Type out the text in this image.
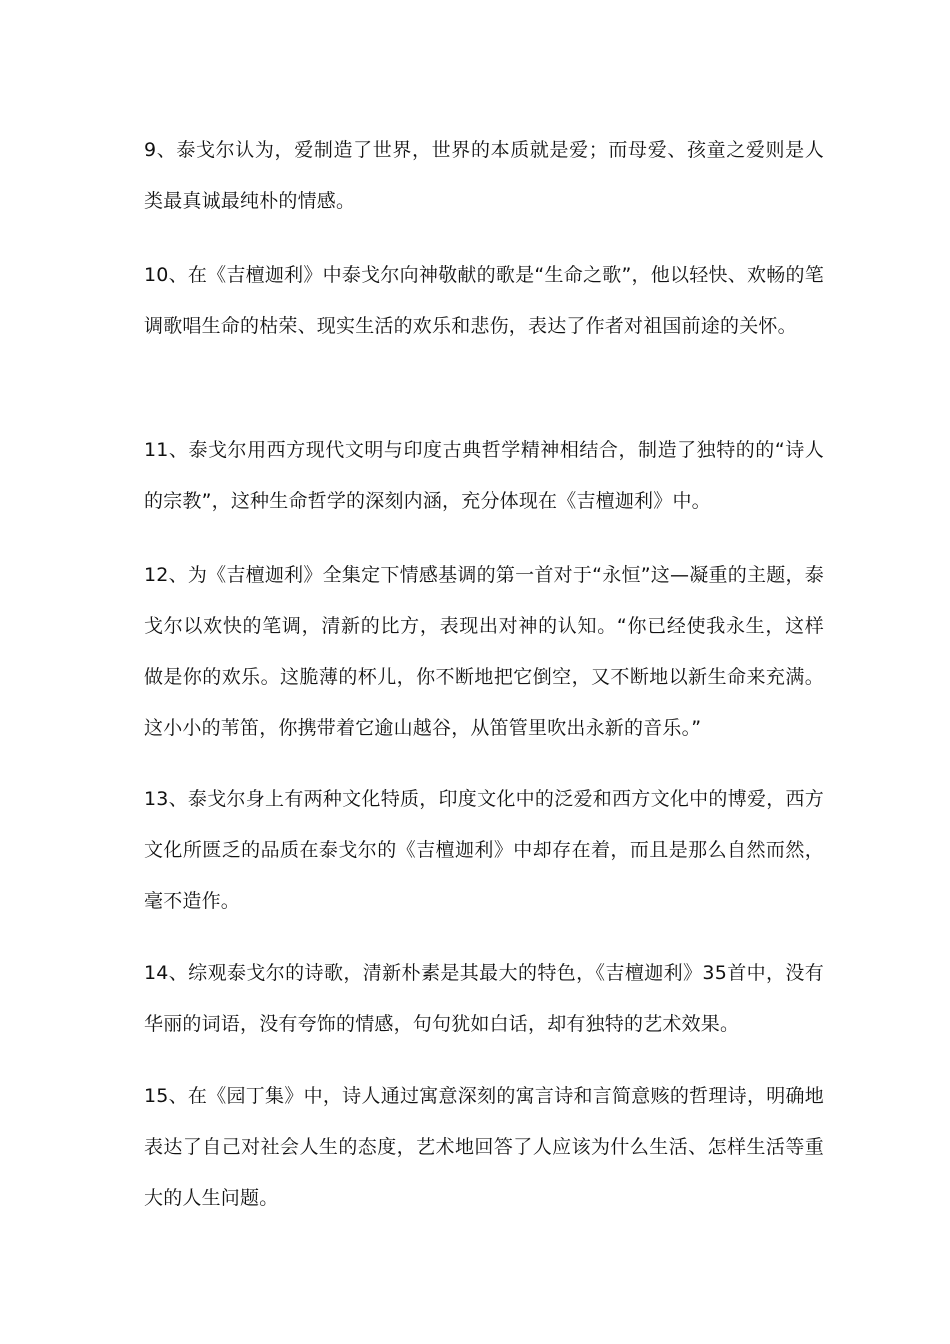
9、泰戈尔认为，爱制造了世界，世界的本质就是爱；而母爱、孩童之爱则是人类最真诚最纯朴的情感。

10、在《吉檀迦利》中泰戈尔向神敬献的歌是“生命之歌”，他以轻快、欢畅的笔调歌唱生命的枯荣、现实生活的欢乐和悲伤，表达了作者对祖国前途的关怀。

11、泰戈尔用西方现代文明与印度古典哲学精神相结合，制造了独特的的“诗人的宗教”，这种生命哲学的深刻内涵，充分体现在《吉檀迦利》中。

12、为《吉檀迦利》全集定下情感基调的第一首对于“永恒”这—凝重的主题，泰戈尔以欢快的笔调，清新的比方，表现出对神的认知。“你已经使我永生，这样做是你的欢乐。这脆薄的杯儿，你不断地把它倒空，又不断地以新生命来充满。这小小的苇笛，你携带着它逾山越谷，从笛管里吹出永新的音乐。”

13、泰戈尔身上有两种文化特质，印度文化中的泛爱和西方文化中的博爱，西方文化所匮乏的品质在泰戈尔的《吉檀迦利》中却存在着，而且是那么自然而然，毫不造作。

14、综观泰戈尔的诗歌，清新朴素是其最大的特色，《吉檀迦利》35首中，没有华丽的词语，没有夸饰的情感，句句犹如白话，却有独特的艺术效果。

15、在《园丁集》中，诗人通过寓意深刻的寓言诗和言简意赅的哲理诗，明确地表达了自己对社会人生的态度，艺术地回答了人应该为什么生活、怎样生活等重大的人生问题。
